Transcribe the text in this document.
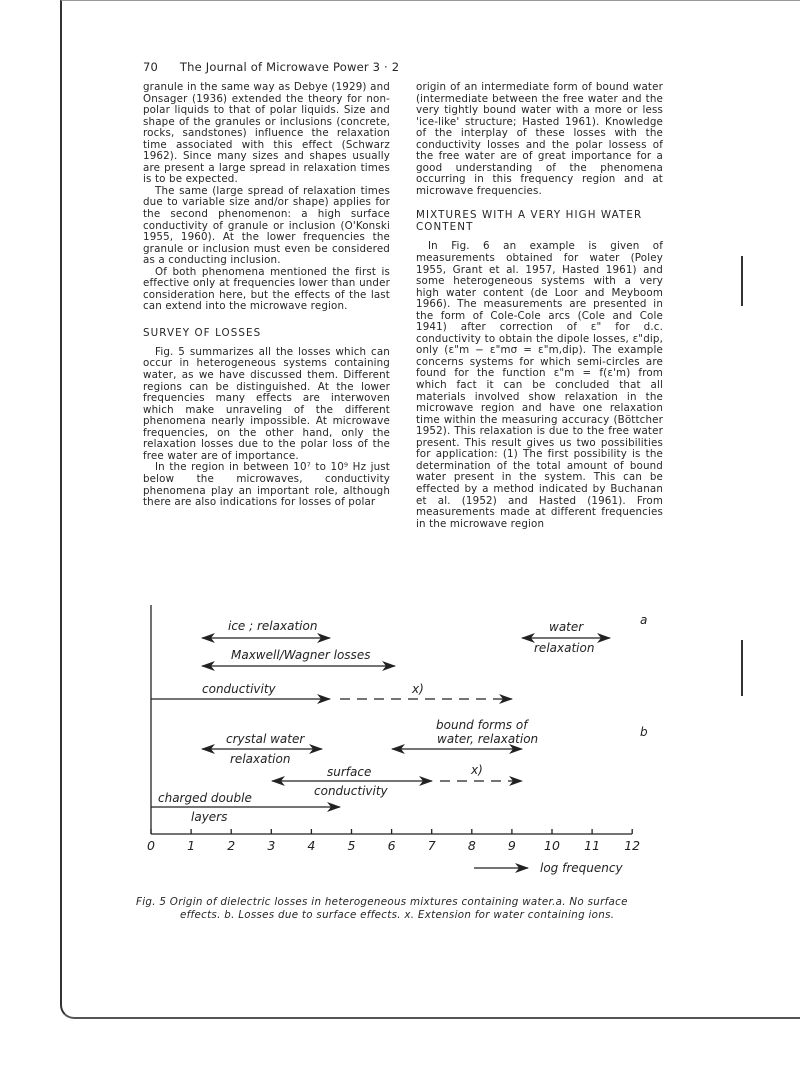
70 The Journal of Microwave Power 3 · 2

granule in the same way as Debye (1929) and Onsager (1936) extended the theory for non-polar liquids to that of polar liquids. Size and shape of the granules or inclusions (concrete, rocks, sandstones) influence the relaxation time associated with this effect (Schwarz 1962). Since many sizes and shapes usually are present a large spread in relaxation times is to be expected.

The same (large spread of relaxation times due to variable size and/or shape) applies for the second phenomenon: a high surface conductivity of granule or inclusion (O'Konski 1955, 1960). At the lower frequencies the granule or inclusion must even be considered as a conducting inclusion.

Of both phenomena mentioned the first is effective only at frequencies lower than under consideration here, but the effects of the last can extend into the microwave region.

SURVEY OF LOSSES

Fig. 5 summarizes all the losses which can occur in heterogeneous systems containing water, as we have discussed them. Different regions can be distinguished. At the lower frequencies many effects are interwoven which make unraveling of the different phenomena nearly impossible. At microwave frequencies, on the other hand, only the relaxation losses due to the polar loss of the free water are of importance.

In the region in between 10⁷ to 10⁹ Hz just below the microwaves, conductivity phenomena play an important role, although there are also indications for losses of polar

origin of an intermediate form of bound water (intermediate between the free water and the very tightly bound water with a more or less 'ice-like' structure; Hasted 1961). Knowledge of the interplay of these losses with the conductivity losses and the polar lossess of the free water are of great importance for a good understanding of the phenomena occurring in this frequency region and at microwave frequencies.

MIXTURES WITH A VERY HIGH WATER CONTENT

In Fig. 6 an example is given of measurements obtained for water (Poley 1955, Grant et al. 1957, Hasted 1961) and some heterogeneous systems with a very high water content (de Loor and Meyboom 1966). The measurements are presented in the form of Cole-Cole arcs (Cole and Cole 1941) after correction of ε" for d.c. conductivity to obtain the dipole losses, ε"dip, only (ε"m − ε"mσ = ε"m,dip). The example concerns systems for which semi-circles are found for the function ε"m = f(ε'm) from which fact it can be concluded that all materials involved show relaxation in the microwave region and have one relaxation time within the measuring accuracy (Böttcher 1952). This relaxation is due to the free water present. This result gives us two possibilities for application: (1) The first possibility is the determination of the total amount of bound water present in the system. This can be effected by a method indicated by Buchanan et al. (1952) and Hasted (1961). From measurements made at different frequencies in the microwave region

0	1	2	3	4	5	6	7	8	9 10 11 12
a
ice ; relaxation
Maxwell/Wagner losses
water
relaxation
conductivity	x)
b
crystal water
relaxation
bound forms of
water, relaxation
surface	x)
conductivity
charged double
layers
log frequency
Fig. 5 Origin of dielectric losses in heterogeneous mixtures containing water.a. No surface
effects. b. Losses due to surface effects. x. Extension for water containing ions.
